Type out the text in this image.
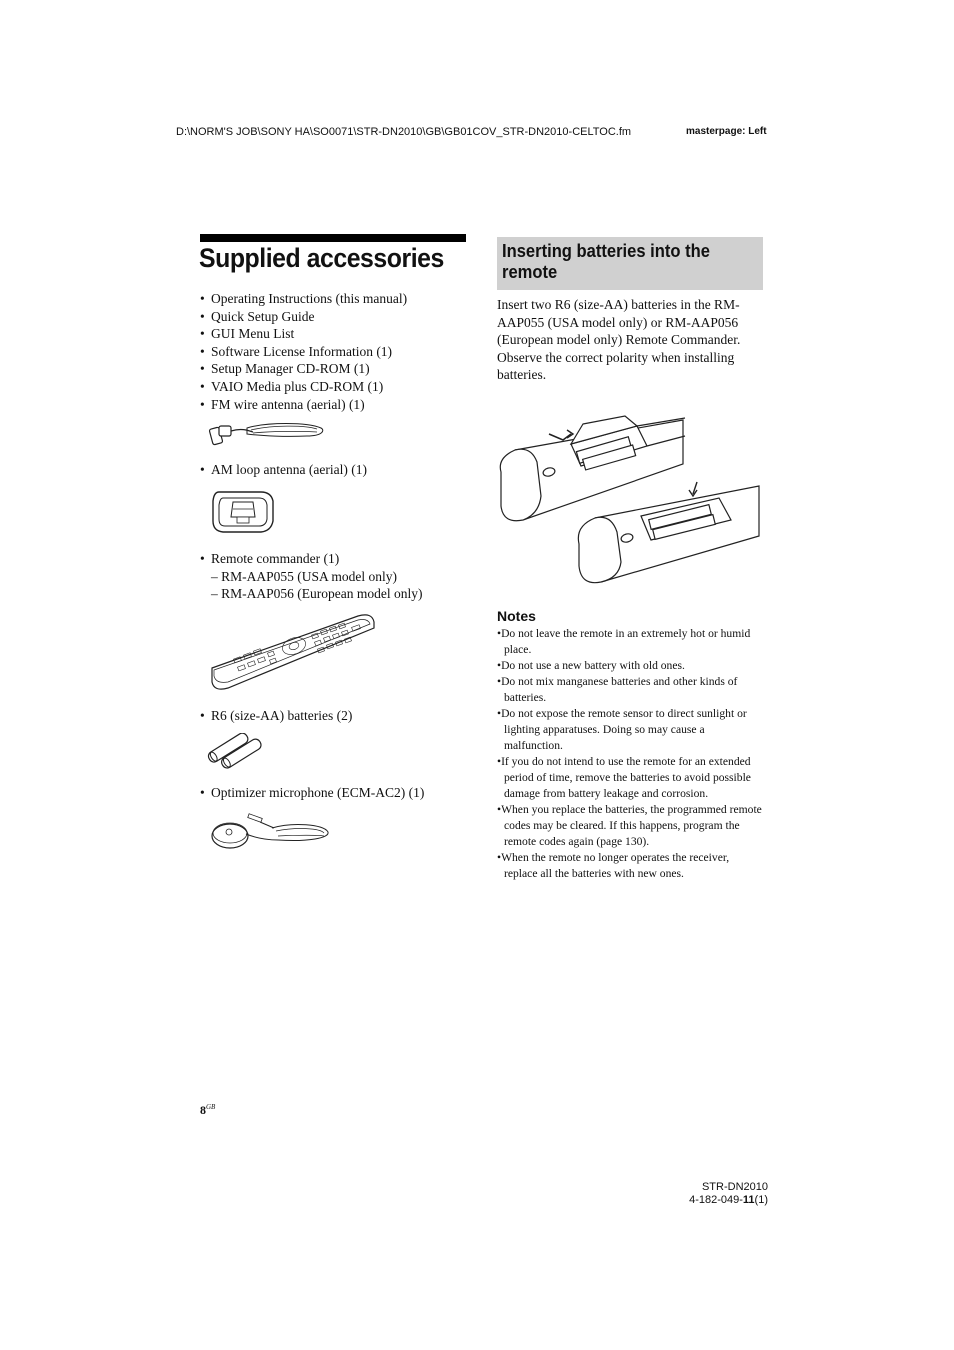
D:\NORM'S JOB\SONY HA\SO0071\STR-DN2010\GB\GB01COV_STR-DN2010-CELTOC.fm	masterpage: Left
Supplied accessories
• Operating Instructions (this manual)
• Quick Setup Guide
• GUI Menu List
• Software License Information (1)
• Setup Manager CD-ROM (1)
• VAIO Media plus CD-ROM (1)
• FM wire antenna (aerial) (1)
• AM loop antenna (aerial) (1)
• Remote commander (1)
– RM-AAP055 (USA model only)
– RM-AAP056 (European model only)
• R6 (size-AA) batteries (2)
• Optimizer microphone (ECM-AC2) (1)
Inserting batteries into the remote
Insert two R6 (size-AA) batteries in the RM-AAP055 (USA model only) or RM-AAP056 (European model only) Remote Commander.
Observe the correct polarity when installing batteries.
Notes
•Do not leave the remote in an extremely hot or humid place.
•Do not use a new battery with old ones.
•Do not mix manganese batteries and other kinds of batteries.
•Do not expose the remote sensor to direct sunlight or lighting apparatuses. Doing so may cause a malfunction.
•If you do not intend to use the remote for an extended period of time, remove the batteries to avoid possible damage from battery leakage and corrosion.
•When you replace the batteries, the programmed remote codes may be cleared. If this happens, program the remote codes again (page 130).
•When the remote no longer operates the receiver, replace all the batteries with new ones.
$8^{GB}$
STR-DN2010
4-182-049-11(1)
